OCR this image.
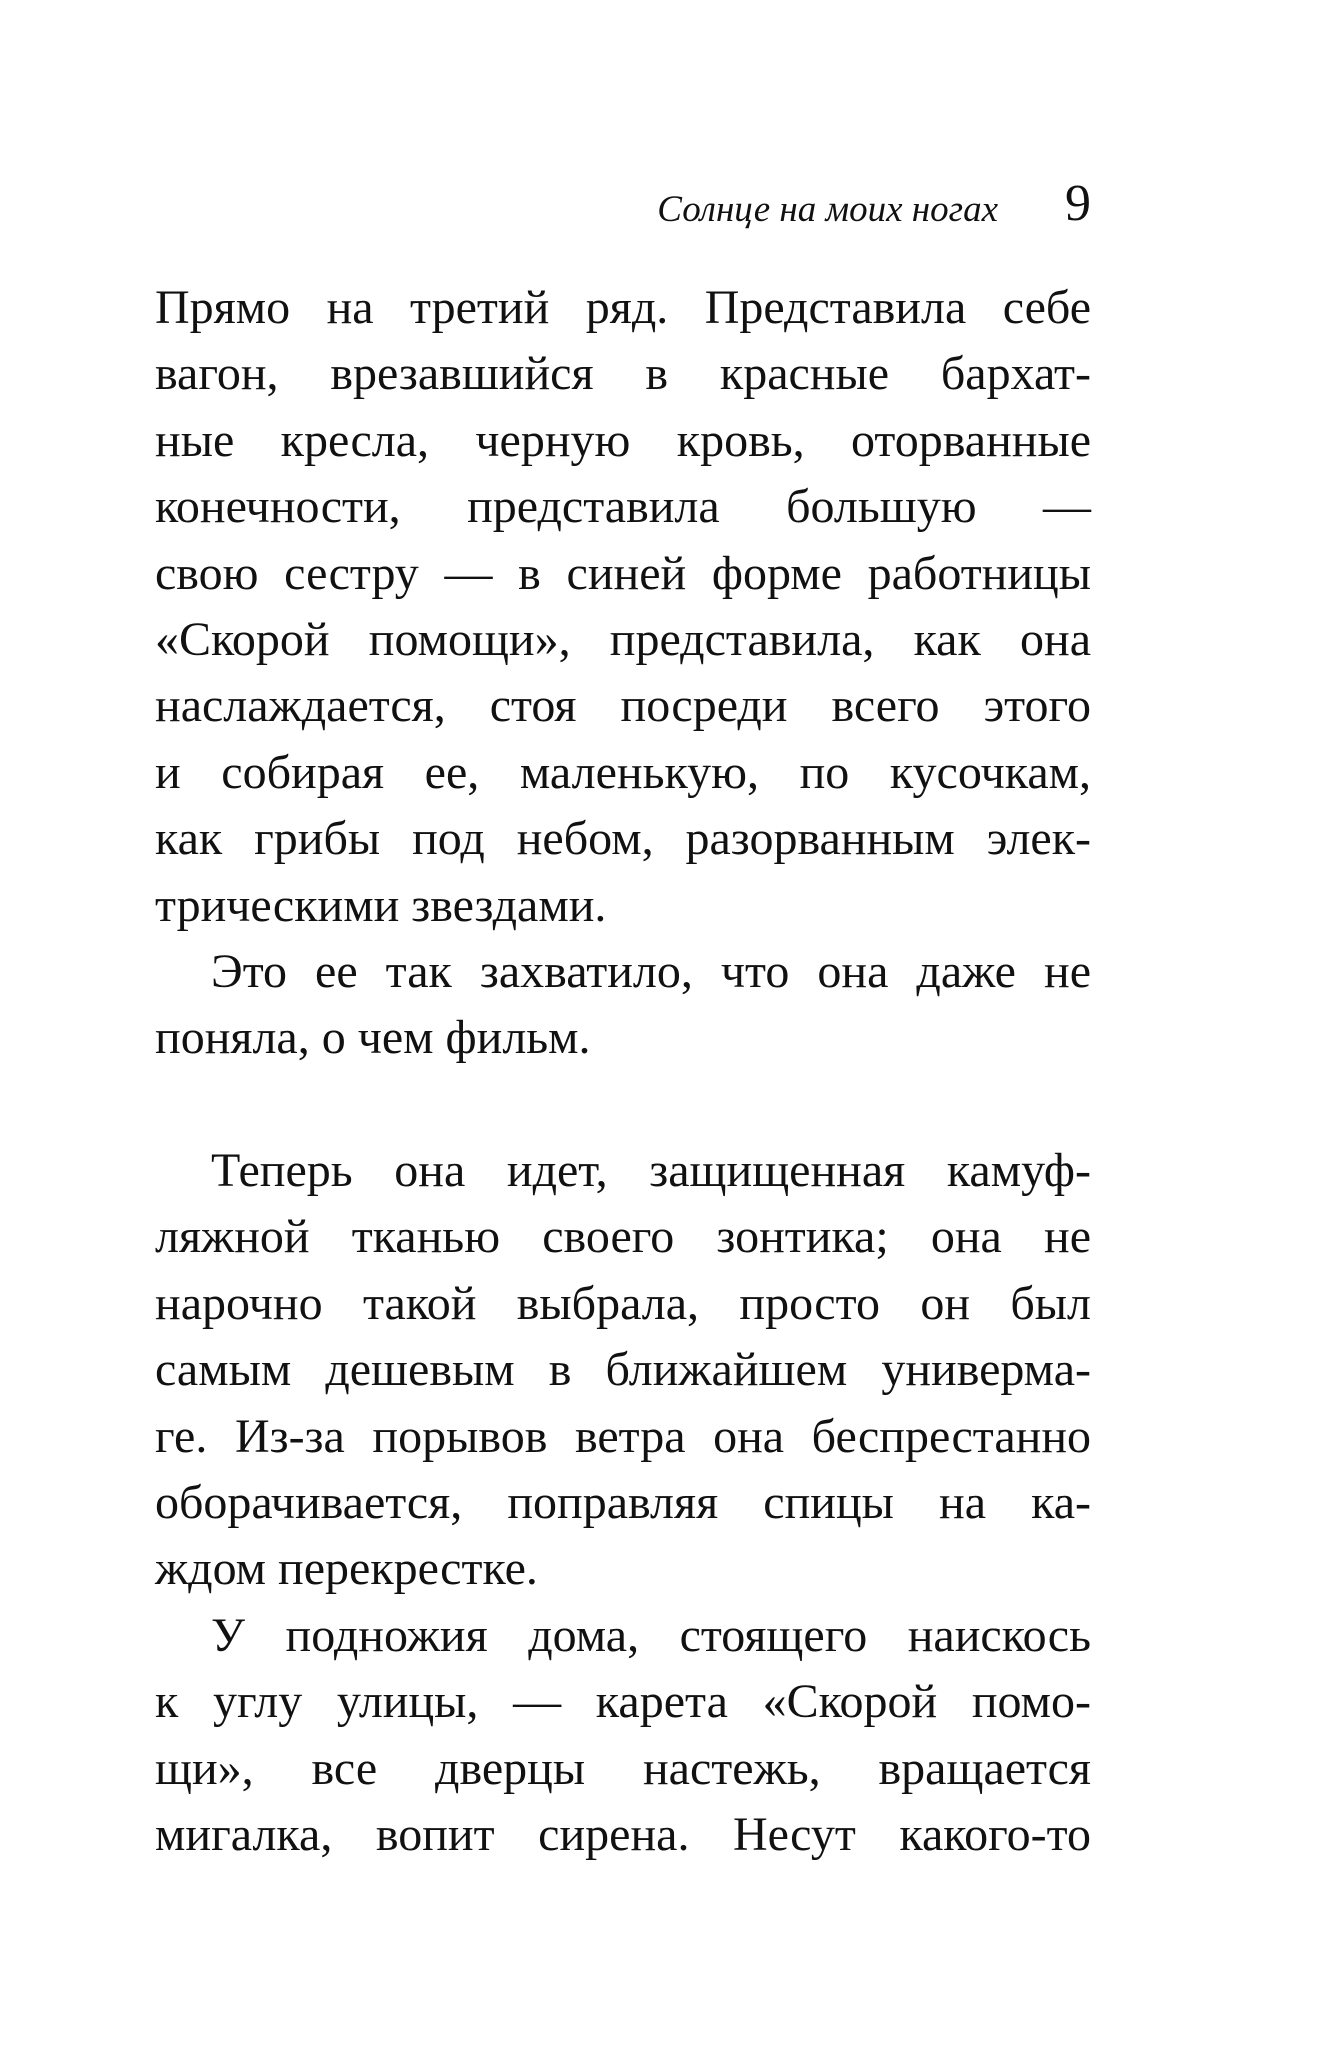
Солнце на моих ногах 9
Прямо на третий ряд. Представила себе
вагон, врезавшийся в красные бархат-
ные кресла, черную кровь, оторванные
конечности, представила большую —
свою сестру — в синей форме работницы
«Скорой помощи», представила, как она
наслаждается, стоя посреди всего этого
и собирая ее, маленькую, по кусочкам,
как грибы под небом, разорванным элек-
трическими звездами.
Это ее так захватило, что она даже не
поняла, о чем фильм.
Теперь она идет, защищенная камуф-
ляжной тканью своего зонтика; она не
нарочно такой выбрала, просто он был
самым дешевым в ближайшем универма-
ге. Из-за порывов ветра она беспрестанно
оборачивается, поправляя спицы на ка-
ждом перекрестке.
У подножия дома, стоящего наискось
к углу улицы, — карета «Скорой помо-
щи», все дверцы настежь, вращается
мигалка, вопит сирена. Несут какого-то
